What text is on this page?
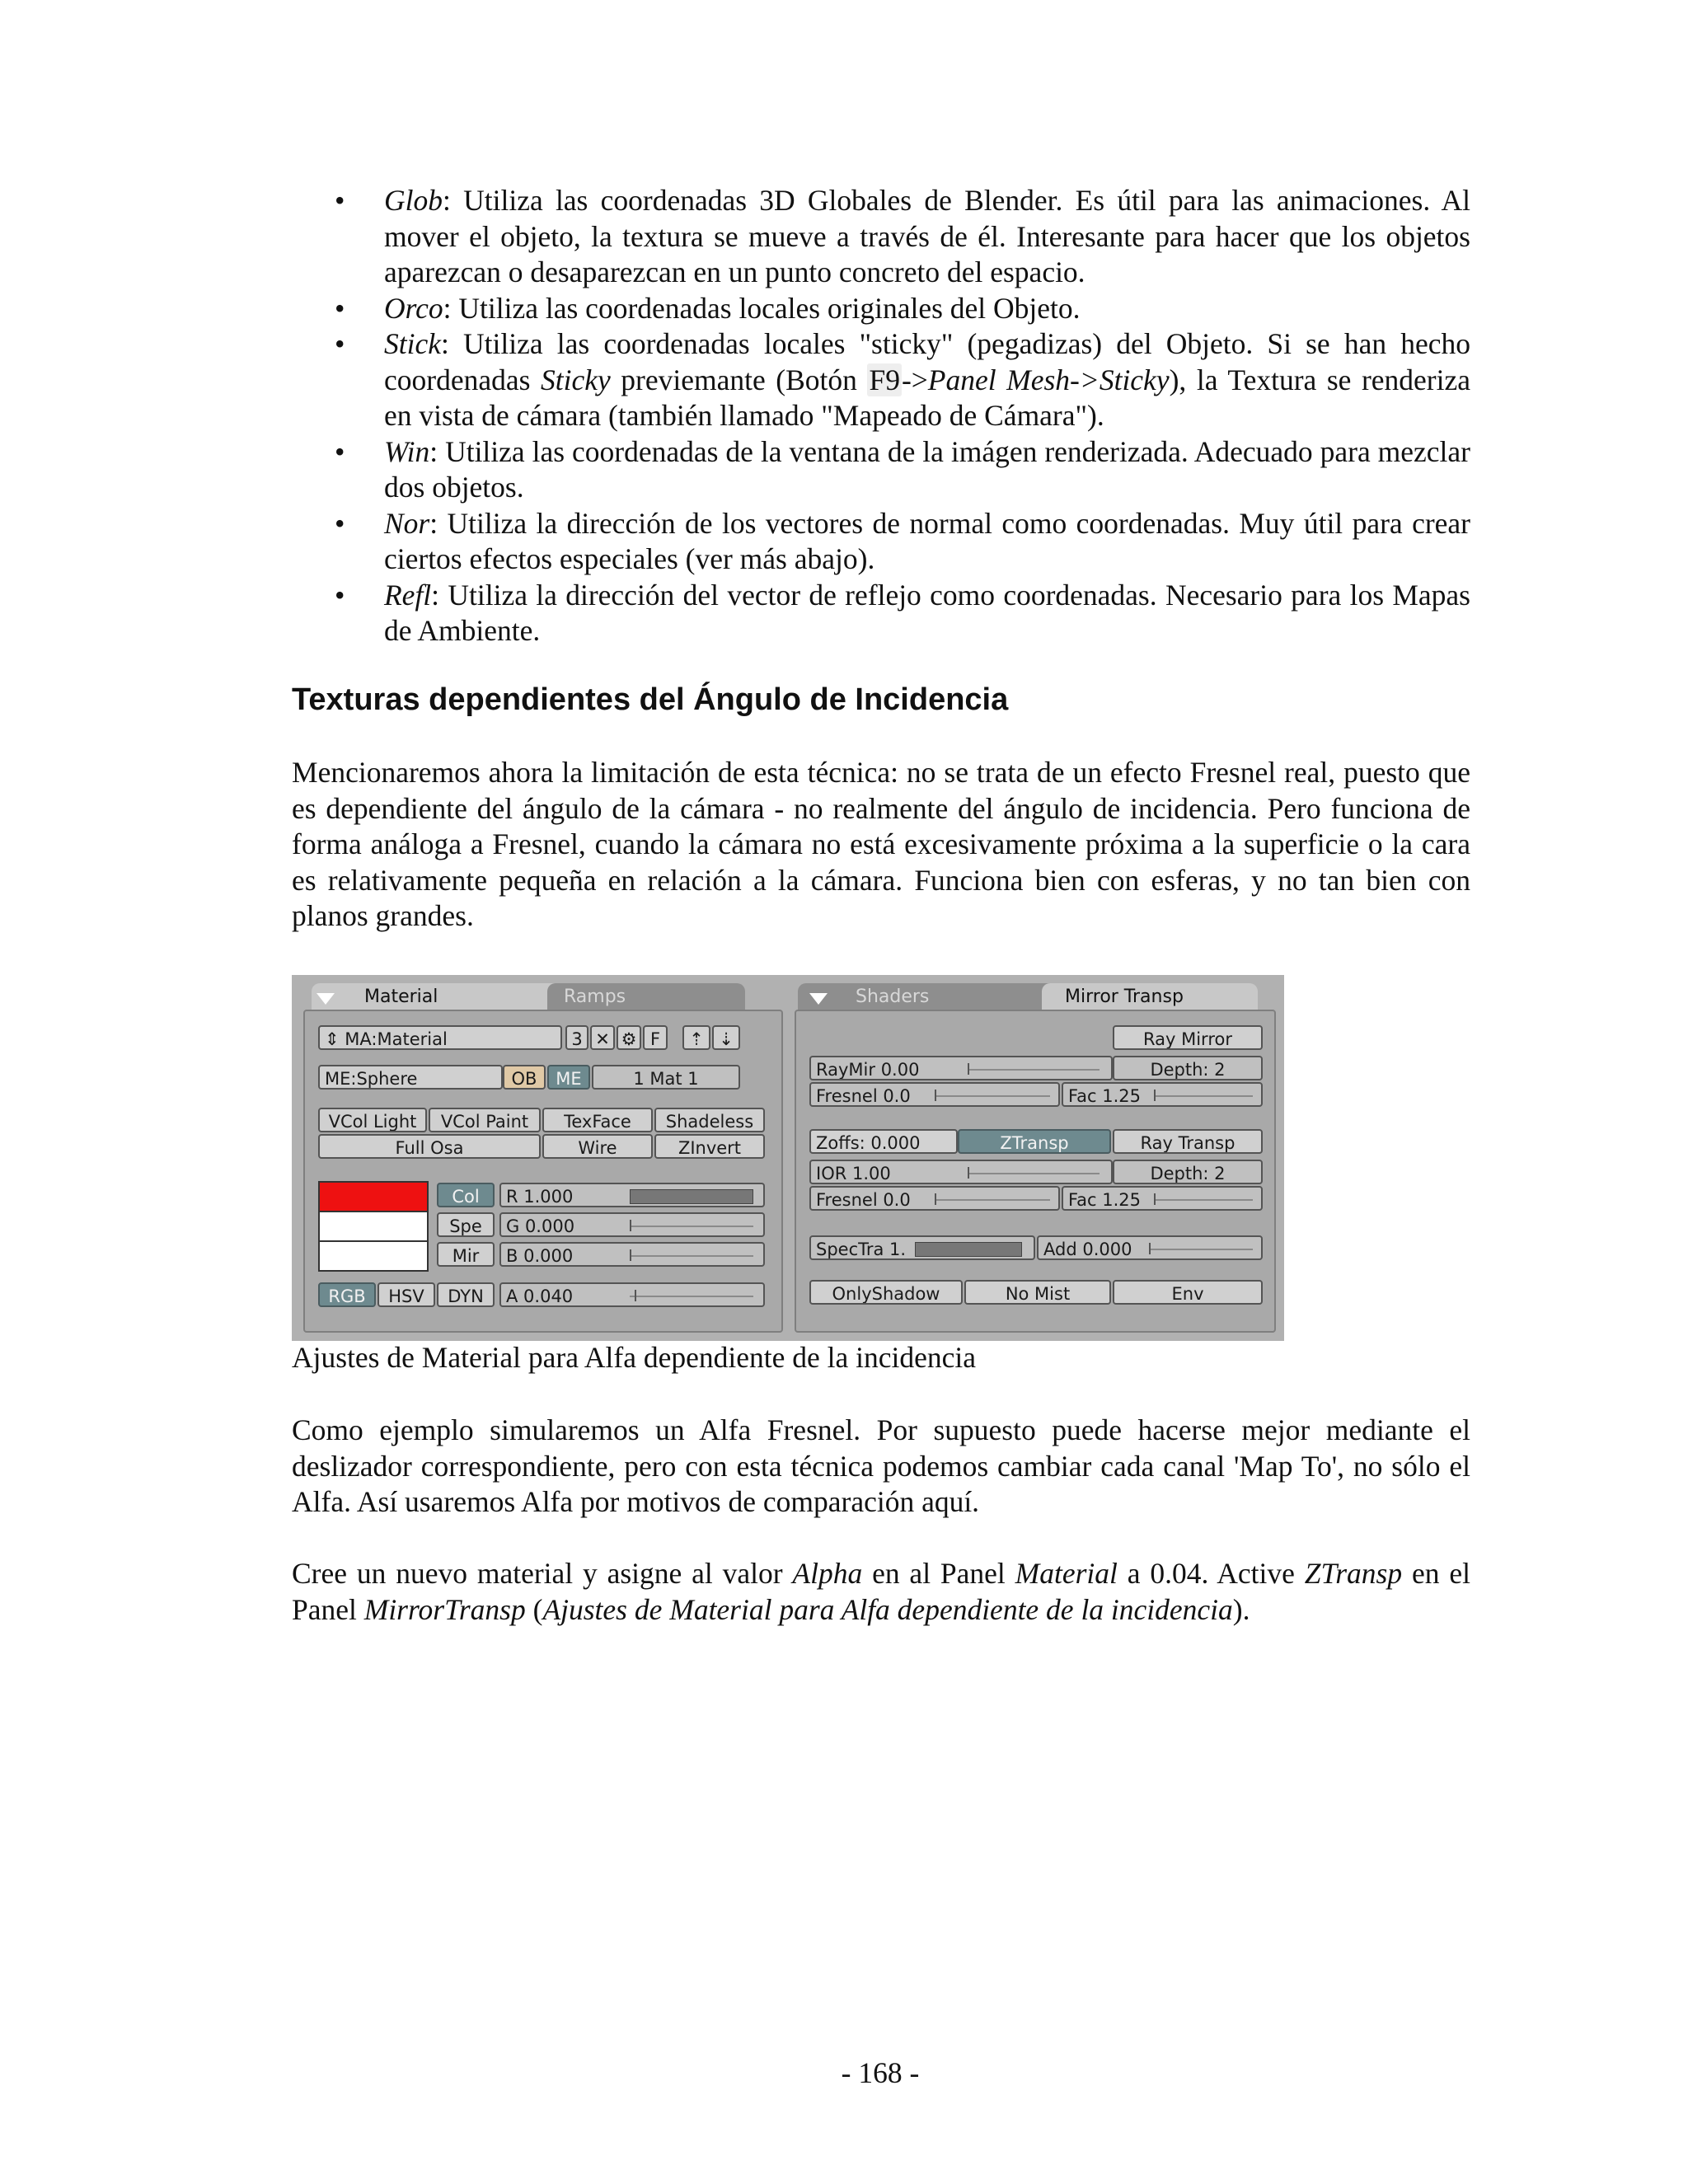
• Glob: Utiliza las coordenadas 3D Globales de Blender. Es útil para las animaciones. Al mover el objeto, la textura se mueve a través de él. Interesante para hacer que los objetos aparezcan o desaparezcan en un punto concreto del espacio.
• Orco: Utiliza las coordenadas locales originales del Objeto.
• Stick: Utiliza las coordenadas locales "sticky" (pegadizas) del Objeto. Si se han hecho coordenadas Sticky previemante (Botón F9->Panel Mesh->Sticky), la Textura se renderiza en vista de cámara (también llamado "Mapeado de Cámara").
• Win: Utiliza las coordenadas de la ventana de la imágen renderizada. Adecuado para mezclar dos objetos.
• Nor: Utiliza la dirección de los vectores de normal como coordenadas. Muy útil para crear ciertos efectos especiales (ver más abajo).
• Refl: Utiliza la dirección del vector de reflejo como coordenadas. Necesario para los Mapas de Ambiente.
Texturas dependientes del Ángulo de Incidencia

Mencionaremos ahora la limitación de esta técnica: no se trata de un efecto Fresnel real, puesto que es dependiente del ángulo de la cámara - no realmente del ángulo de incidencia. Pero funciona de forma análoga a Fresnel, cuando la cámara no está excesivamente próxima a la superficie o la cara es relativamente pequeña en relación a la cámara. Funciona bien con esferas, y no tan bien con planos grandes.

Material	Ramps	Shaders	Mirror Transp
⇕ MA:Material	3 ✕ ⚙ F	⇡ ⇣
ME:Sphere	OB	ME	1 Mat 1
VCol Light	VCol Paint	TexFace	Shadeless
Full Osa	Wire	ZInvert
Col
Spe
Mir
R 1.000
G 0.000
B 0.000
RGB	HSV	DYN	A 0.040
Ray Mirror
RayMir 0.00	Depth: 2
Fresnel 0.0	Fac 1.25
Zoffs: 0.000	ZTransp	Ray Transp
IOR 1.00	Depth: 2
Fresnel 0.0	Fac 1.25
SpecTra 1.	Add 0.000
OnlyShadow	No Mist	Env
Ajustes de Material para Alfa dependiente de la incidencia

Como ejemplo simularemos un Alfa Fresnel. Por supuesto puede hacerse mejor mediante el deslizador correspondiente, pero con esta técnica podemos cambiar cada canal 'Map To', no sólo el Alfa. Así usaremos Alfa por motivos de comparación aquí.

Cree un nuevo material y asigne al valor Alpha en al Panel Material a 0.04. Active ZTransp en el Panel MirrorTransp (Ajustes de Material para Alfa dependiente de la incidencia).

- 168 -
